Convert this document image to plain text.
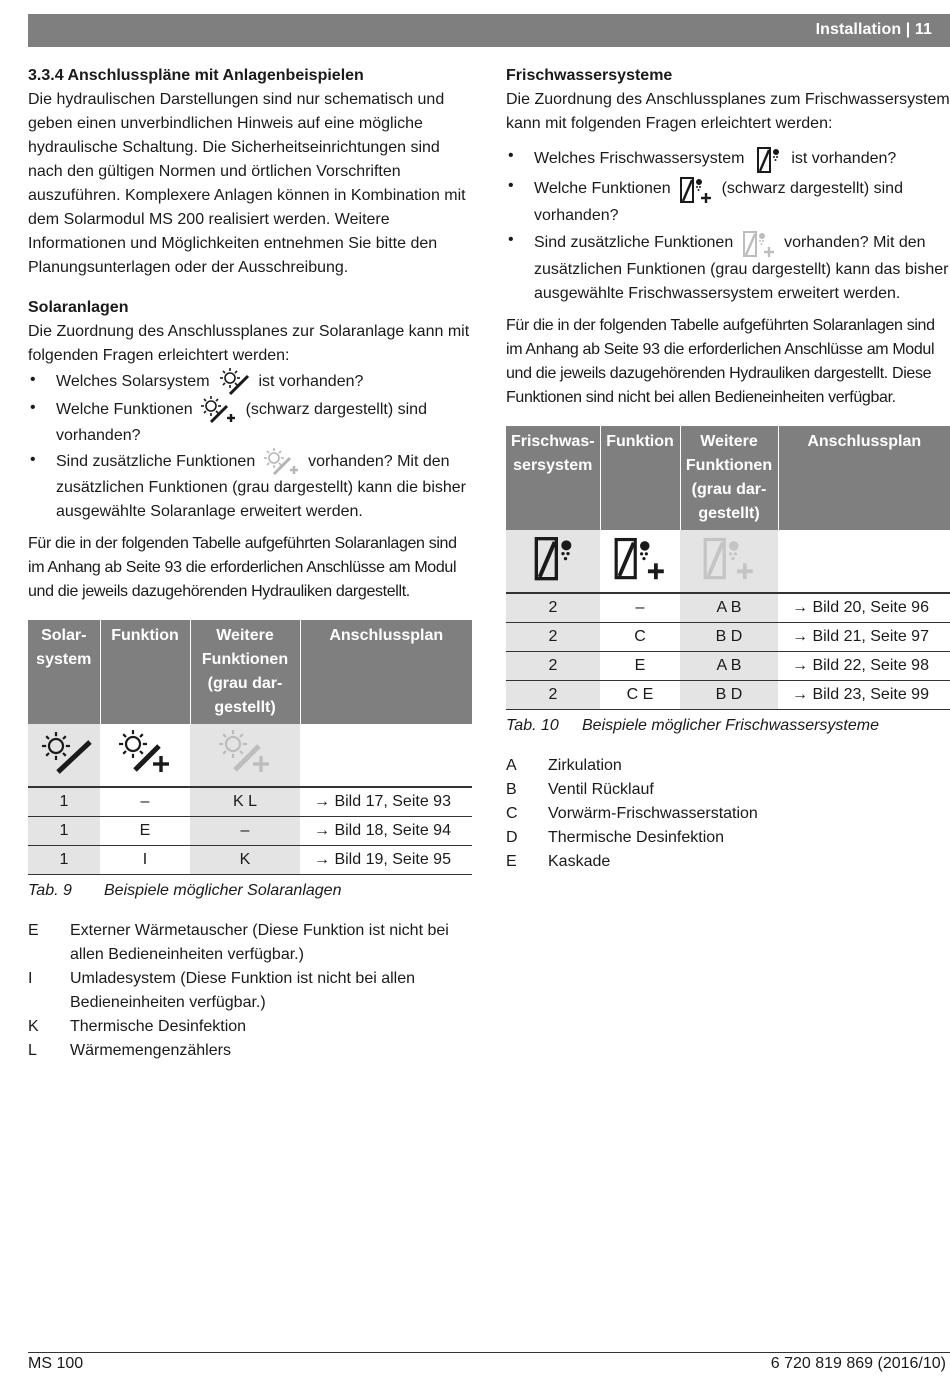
Installation | 11
3.3.4 Anschlusspläne mit Anlagenbeispielen

Die hydraulischen Darstellungen sind nur schematisch und geben einen unverbindlichen Hinweis auf eine mögliche hydraulische Schaltung. Die Sicherheitseinrichtungen sind nach den gültigen Normen und örtlichen Vorschriften auszuführen. Komplexere Anlagen können in Kombination mit dem Solarmodul MS 200 realisiert werden. Weitere Informationen und Möglichkeiten entnehmen Sie bitte den Planungsunterlagen oder der Ausschreibung.

Solaranlagen

Die Zuordnung des Anschlussplanes zur Solaranlage kann mit folgenden Fragen erleichtert werden:

• Welches Solarsystem	ist vorhanden?
• Welche Funktionen	(schwarz dargestellt) sind vorhanden?
• Sind zusätzliche Funktionen	vorhanden? Mit den zusätzlichen Funktionen (grau dargestellt) kann die bisher ausgewählte Solaranlage erweitert werden.

Für die in der folgenden Tabelle aufgeführten Solaranlagen sind im Anhang ab Seite 93 die erforderlichen Anschlüsse am Modul und die jeweils dazugehörenden Hydrauliken dargestellt.

Solar-system	Funktion	Weitere Funktionen (grau dar-gestellt)	Anschlussplan

1	–	K L	→ Bild 17, Seite 93
1	E	–	→ Bild 18, Seite 94
1	I	K	→ Bild 19, Seite 95
Tab. 9 Beispiele möglicher Solaranlagen
E	Externer Wärmetauscher (Diese Funktion ist nicht bei allen Bedieneinheiten verfügbar.)
I	Umladesystem (Diese Funktion ist nicht bei allen Bedieneinheiten verfügbar.)
K	Thermische Desinfektion
L	Wärmemengenzählers
Frischwassersysteme

Die Zuordnung des Anschlussplanes zum Frischwassersystem kann mit folgenden Fragen erleichtert werden:

• Welches Frischwassersystem	ist vorhanden?
• Welche Funktionen	(schwarz dargestellt) sind vorhanden?
• Sind zusätzliche Funktionen	vorhanden? Mit den zusätzlichen Funktionen (grau dargestellt) kann das bisher ausgewählte Frischwassersystem erweitert werden.

Für die in der folgenden Tabelle aufgeführten Solaranlagen sind im Anhang ab Seite 93 die erforderlichen Anschlüsse am Modul und die jeweils dazugehörenden Hydrauliken dargestellt. Diese Funktionen sind nicht bei allen Bedieneinheiten verfügbar.

Frischwas-sersystem	Funktion	Weitere Funktionen (grau dar-gestellt)	Anschlussplan

2	–	A B	→ Bild 20, Seite 96
2	C	B D	→ Bild 21, Seite 97
2	E	A B	→ Bild 22, Seite 98
2	C E	B D	→ Bild 23, Seite 99
Tab. 10 Beispiele möglicher Frischwassersysteme
A	Zirkulation
B	Ventil Rücklauf
C	Vorwärm-Frischwasserstation
D	Thermische Desinfektion
E	Kaskade
MS 100	6 720 819 869 (2016/10)
